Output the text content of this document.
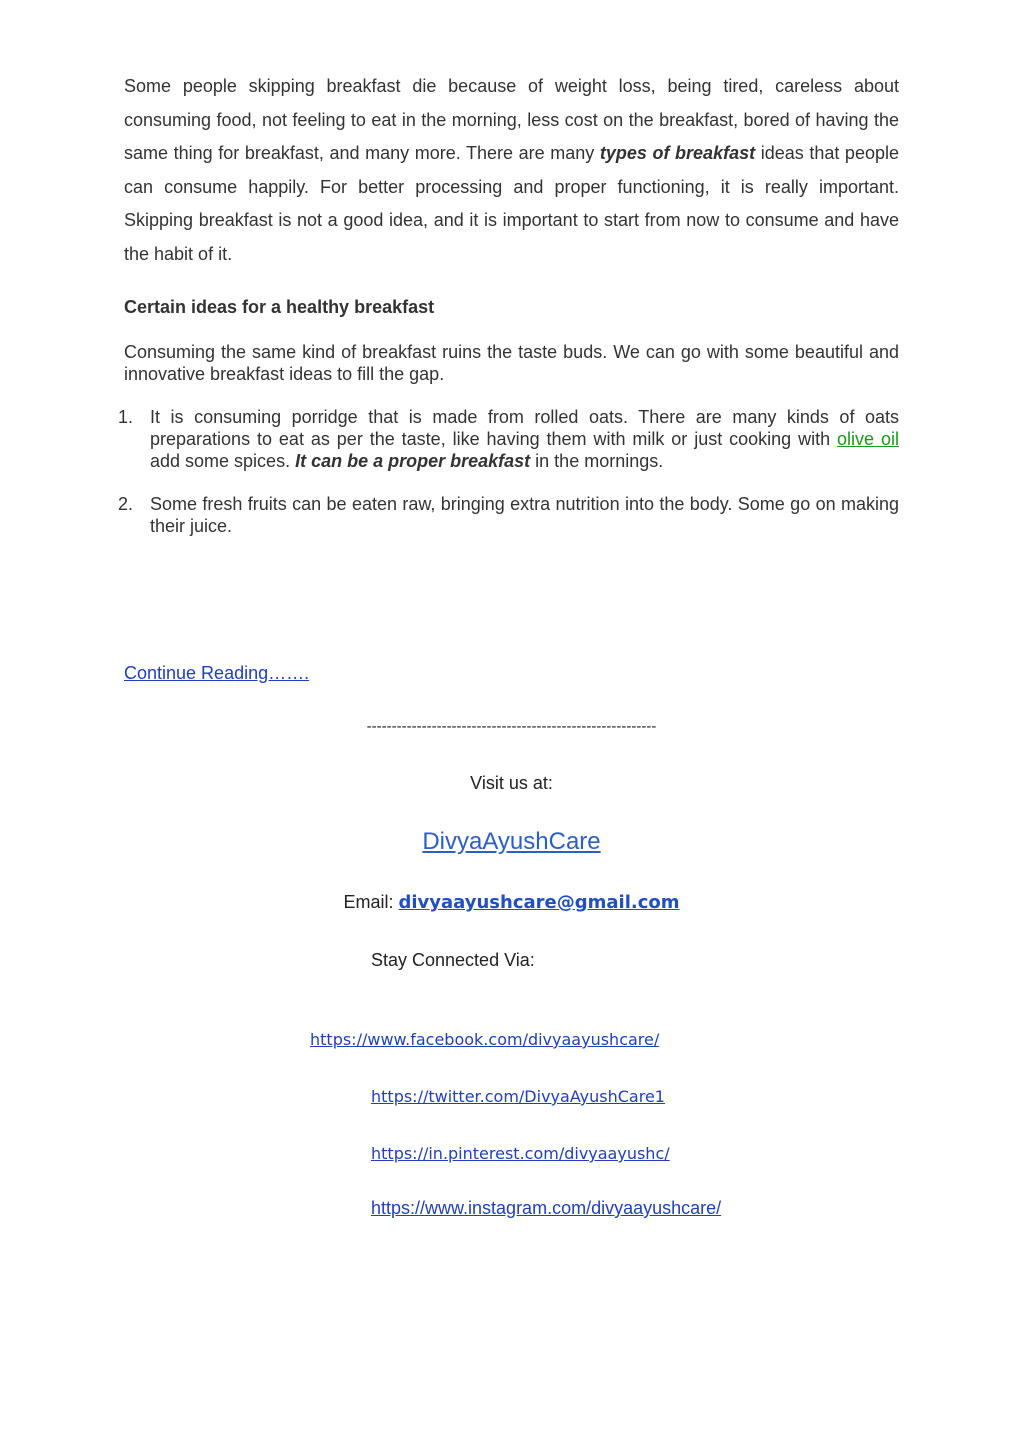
Some people skipping breakfast die because of weight loss, being tired, careless about consuming food, not feeling to eat in the morning, less cost on the breakfast, bored of having the same thing for breakfast, and many more. There are many types of breakfast ideas that people can consume happily. For better processing and proper functioning, it is really important. Skipping breakfast is not a good idea, and it is important to start from now to consume and have the habit of it.

Certain ideas for a healthy breakfast

Consuming the same kind of breakfast ruins the taste buds. We can go with some beautiful and innovative breakfast ideas to fill the gap.

1. It is consuming porridge that is made from rolled oats. There are many kinds of oats preparations to eat as per the taste, like having them with milk or just cooking with olive oil add some spices. It can be a proper breakfast in the mornings.
2. Some fresh fruits can be eaten raw, bringing extra nutrition into the body. Some go on making their juice.
Continue Reading…….
----------------------------------------------------------
Visit us at:
DivyaAyushCare
Email: divyaayushcare@gmail.com
Stay Connected Via:
https://www.facebook.com/divyaayushcare/
https://twitter.com/DivyaAyushCare1
https://in.pinterest.com/divyaayushc/
https://www.instagram.com/divyaayushcare/
